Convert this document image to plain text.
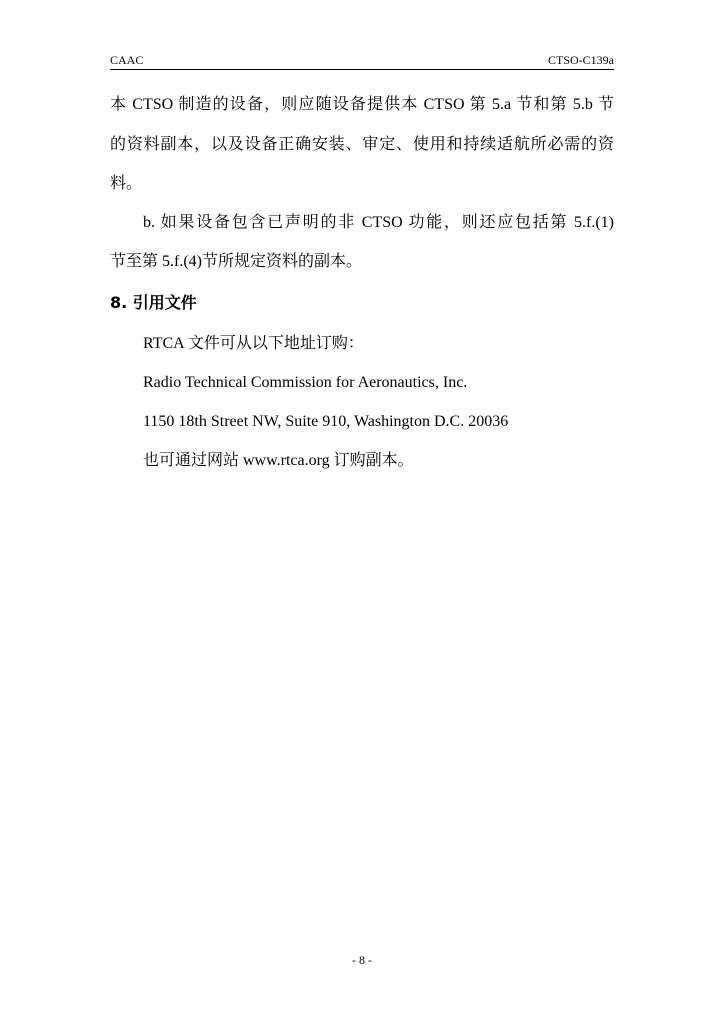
CAAC	CTSO-C139a
本 CTSO 制造的设备，则应随设备提供本 CTSO 第 5.a 节和第 5.b 节
的资料副本，以及设备正确安装、审定、使用和持续适航所必需的资
料。
b. 如果设备包含已声明的非 CTSO 功能，则还应包括第 5.f.(1)
节至第 5.f.(4)节所规定资料的副本。
8. 引用文件
RTCA 文件可从以下地址订购：
Radio Technical Commission for Aeronautics, Inc.
1150 18th Street NW, Suite 910, Washington D.C. 20036
也可通过网站 www.rtca.org 订购副本。
- 8 -
